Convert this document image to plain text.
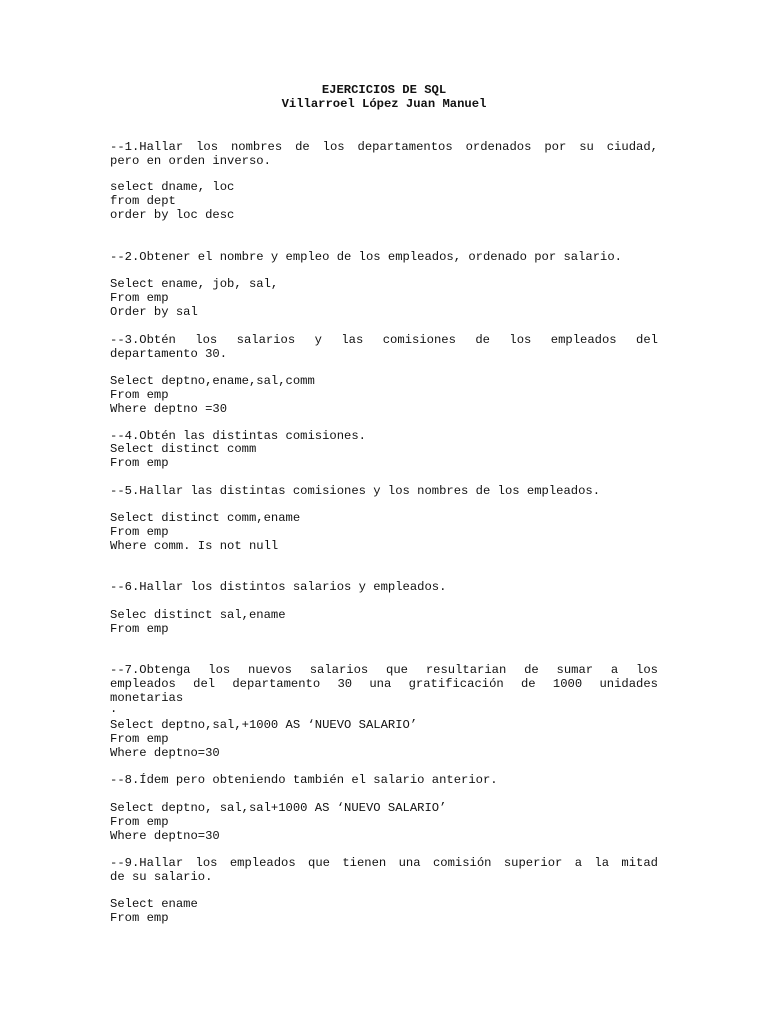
EJERCICIOS DE SQL
Villarroel López Juan Manuel
--1.Hallar los nombres de los departamentos ordenados por su ciudad,
pero en orden inverso.
select dname, loc
from dept
order by loc desc
--2.Obtener el nombre y empleo de los empleados, ordenado por salario.
Select ename, job, sal,
From emp
Order by sal
--3.Obtén los salarios y las comisiones de los empleados del
departamento 30.
Select deptno,ename,sal,comm
From emp
Where deptno =30
--4.Obtén las distintas comisiones.
Select distinct comm
From emp
--5.Hallar las distintas comisiones y los nombres de los empleados.
Select distinct comm,ename
From emp
Where comm. Is not null
--6.Hallar los distintos salarios y empleados.
Selec distinct sal,ename
From emp
--7.Obtenga los nuevos salarios que resultarian de sumar a los
empleados del departamento 30 una gratificación de 1000 unidades
monetarias
.
Select deptno,sal,+1000 AS ‘NUEVO SALARIO’
From emp
Where deptno=30
--8.Ídem pero obteniendo también el salario anterior.
Select deptno, sal,sal+1000 AS ‘NUEVO SALARIO’
From emp
Where deptno=30
--9.Hallar los empleados que tienen una comisión superior a la mitad
de su salario.
Select ename
From emp
